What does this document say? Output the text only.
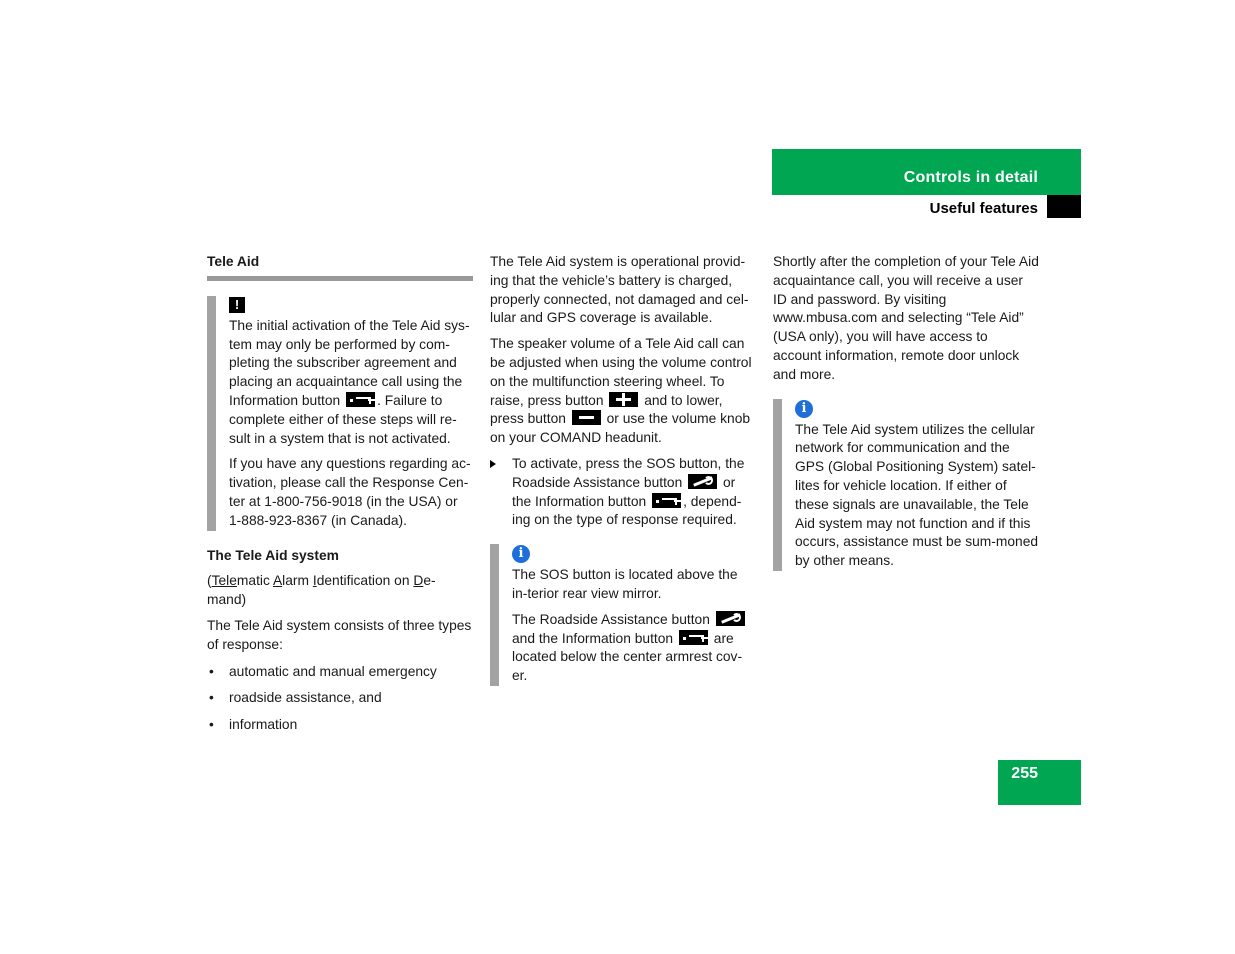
Controls in detail
Useful features
Tele Aid
!

The initial activation of the Tele Aid sys-tem may only be performed by com-pleting the subscriber agreement and placing an acquaintance call using the Information button	. Failure to complete either of these steps will re-sult in a system that is not activated.

If you have any questions regarding ac-tivation, please call the Response Cen-ter at 1-800-756-9018 (in the USA) or 1-888-923-8367 (in Canada).

The Tele Aid system

(Telematic Alarm Identification on De-mand)

The Tele Aid system consists of three types of response:

• automatic and manual emergency
• roadside assistance, and
• information

The Tele Aid system is operational provid-ing that the vehicle’s battery is charged, properly connected, not damaged and cel-lular and GPS coverage is available.

The speaker volume of a Tele Aid call can be adjusted when using the volume control on the multifunction steering wheel. To raise, press button	and to lower, press button	or use the volume knob on your COMAND headunit.

To activate, press the SOS button, the Roadside Assistance button	or the Information button	, depend-ing on the type of response required.

i

The SOS button is located above the in-terior rear view mirror.

The Roadside Assistance button  and the Information button	are located below the center armrest cov-er.

Shortly after the completion of your Tele Aid acquaintance call, you will receive a user ID and password. By visiting www.mbusa.com and selecting “Tele Aid” (USA only), you will have access to account information, remote door unlock and more.

i

The Tele Aid system utilizes the cellular network for communication and the GPS (Global Positioning System) satel-lites for vehicle location. If either of these signals are unavailable, the Tele Aid system may not function and if this occurs, assistance must be sum-moned by other means.

255
